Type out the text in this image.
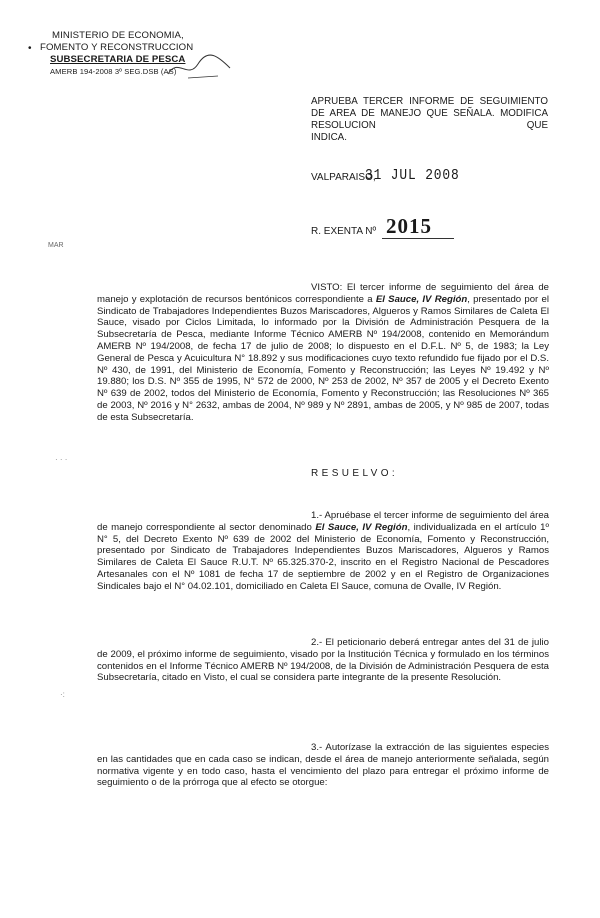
•
MINISTERIO DE ECONOMIA,
FOMENTO Y RECONSTRUCCION
SUBSECRETARIA DE PESCA
AMERB 194-2008 3º SEG.DSB (AS)
APRUEBA TERCER INFORME DE SEGUIMIENTO DE AREA DE MANEJO QUE SEÑALA. MODIFICA RESOLUCION QUE
INDICA.
VALPARAISO,
31 JUL 2008
R. EXENTA Nº 2015
MAR
· · ·
·:
VISTO: El tercer informe de seguimiento del área de manejo y explotación de recursos bentónicos correspondiente a El Sauce, IV Región, presentado por el Sindicato de Trabajadores Independientes Buzos Mariscadores, Algueros y Ramos Similares de Caleta El Sauce, visado por Ciclos Limitada, lo informado por la División de Administración Pesquera de la Subsecretaría de Pesca, mediante Informe Técnico AMERB Nº 194/2008, contenido en Memorándum AMERB Nº 194/2008, de fecha 17 de julio de 2008; lo dispuesto en el D.F.L. Nº 5, de 1983; la Ley General de Pesca y Acuicultura N° 18.892 y sus modificaciones cuyo texto refundido fue fijado por el D.S. Nº 430, de 1991, del Ministerio de Economía, Fomento y Reconstrucción; las Leyes Nº 19.492 y Nº 19.880; los D.S. Nº 355 de 1995, N° 572 de 2000, Nº 253 de 2002, Nº 357 de 2005 y el Decreto Exento Nº 639 de 2002, todos del Ministerio de Economía, Fomento y Reconstrucción; las Resoluciones Nº 365 de 2003, Nº 2016 y N° 2632, ambas de 2004, Nº 989 y Nº 2891, ambas de 2005, y Nº 985 de 2007, todas de esta Subsecretaría.
RESUELVO:
1.- Apruébase el tercer informe de seguimiento del área de manejo correspondiente al sector denominado El Sauce, IV Región, individualizada en el artículo 1º N° 5, del Decreto Exento Nº 639 de 2002 del Ministerio de Economía, Fomento y Reconstrucción, presentado por Sindicato de Trabajadores Independientes Buzos Mariscadores, Algueros y Ramos Similares de Caleta El Sauce R.U.T. Nº 65.325.370-2, inscrito en el Registro Nacional de Pescadores Artesanales con el Nº 1081 de fecha 17 de septiembre de 2002 y en el Registro de Organizaciones Sindicales bajo el N° 04.02.101, domiciliado en Caleta El Sauce, comuna de Ovalle, IV Región.
2.- El peticionario deberá entregar antes del 31 de julio de 2009, el próximo informe de seguimiento, visado por la Institución Técnica y formulado en los términos contenidos en el Informe Técnico AMERB Nº 194/2008, de la División de Administración Pesquera de esta Subsecretaría, citado en Visto, el cual se considera parte integrante de la presente Resolución.
3.- Autorízase la extracción de las siguientes especies en las cantidades que en cada caso se indican, desde el área de manejo anteriormente señalada, según normativa vigente y en todo caso, hasta el vencimiento del plazo para entregar el próximo informe de seguimiento o de la prórroga que al efecto se otorgue:
